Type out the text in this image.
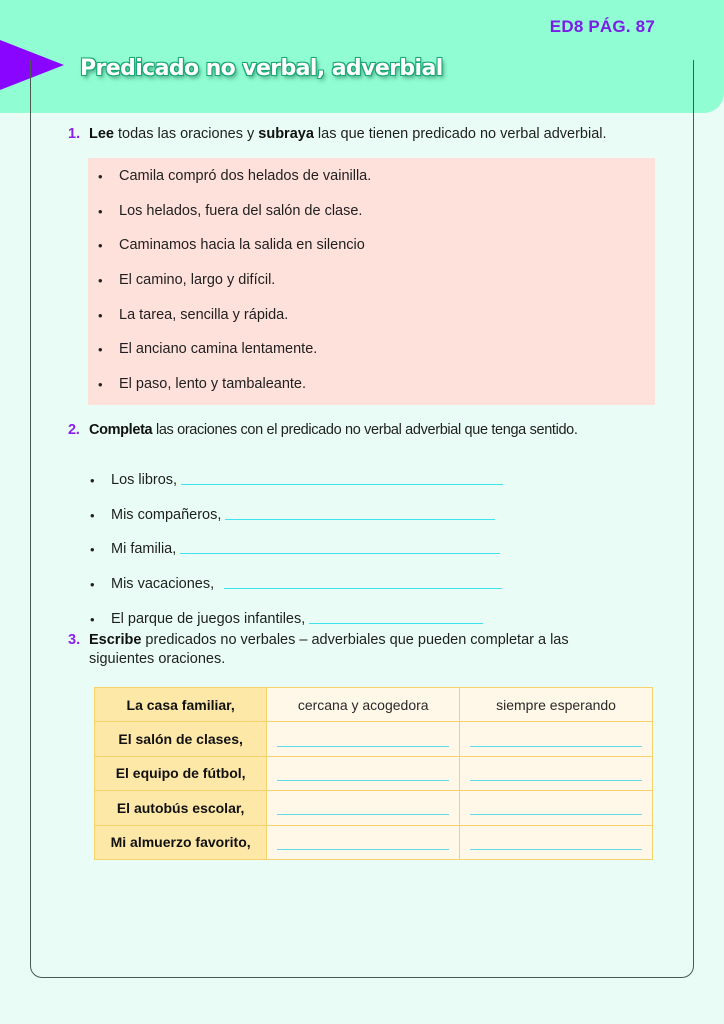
ED8 PÁG. 87
Predicado no verbal, adverbial
1. Lee todas las oraciones y subraya las que tienen predicado no verbal adverbial.
•	Camila compró dos helados de vainilla.
•	Los helados, fuera del salón de clase.
•	Caminamos hacia la salida en silencio
•	El camino, largo y difícil.
•	La tarea, sencilla y rápida.
•	El anciano camina lentamente.
•	El paso, lento y tambaleante.
2. Completa las oraciones con el predicado no verbal adverbial que tenga sentido.
•	Los libros,
•	Mis compañeros,
•	Mi familia,
•	Mis vacaciones,
•	El parque de juegos infantiles,
3. Escribe predicados no verbales – adverbiales que pueden completar a las
siguientes oraciones.
La casa familiar,	cercana y acogedora	siempre esperando
El salón de clases,	

El equipo de fútbol,	

El autobús escolar,	

Mi almuerzo favorito,	
